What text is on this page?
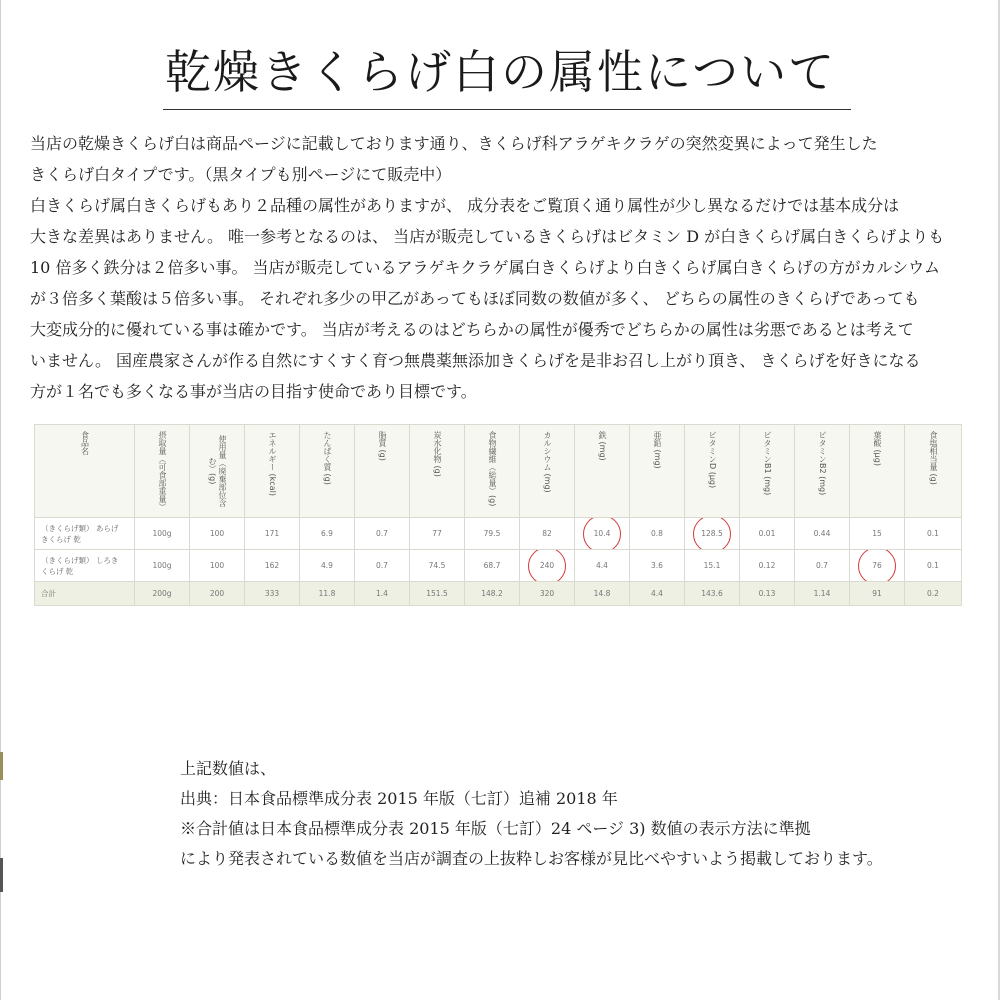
乾燥きくらげ白の属性について
当店の乾燥きくらげ白は商品ページに記載しております通り、きくらげ科アラゲキクラゲの突然変異によって発生した
きくらげ白タイプです。（黒タイプも別ページにて販売中）
白きくらげ属白きくらげもあり２品種の属性がありますが、 成分表をご覧頂く通り属性が少し異なるだけでは基本成分は
大きな差異はありません。 唯一参考となるのは、 当店が販売しているきくらげはビタミン D が白きくらげ属白きくらげよりも
10 倍多く鉄分は２倍多い事。 当店が販売しているアラゲキクラゲ属白きくらげより白きくらげ属白きくらげの方がカルシウム
が３倍多く葉酸は５倍多い事。 それぞれ多少の甲乙があってもほぼ同数の数値が多く、 どちらの属性のきくらげであっても
大変成分的に優れている事は確かです。 当店が考えるのはどちらかの属性が優秀でどちらかの属性は劣悪であるとは考えて
いません。 国産農家さんが作る自然にすくすく育つ無農薬無添加きくらげを是非お召し上がり頂き、 きくらげを好きになる
方が１名でも多くなる事が当店の目指す使命であり目標です。
食品名	摂取量（可食部重量）	使用量（廃棄部位含む）(g)	エネルギー (kcal)	たんぱく質 (g)	脂質 (g)	炭水化物 (g)	食物繊維（総量）(g)	カルシウム (mg)	鉄 (mg)	亜鉛 (mg)	ビタミンD (μg)	ビタミンB1 (mg)	ビタミンB2 (mg)	葉酸 (μg)	食塩相当量 (g)

（きくらげ類） あらげ
きくらげ 乾	100g	100	171	6.9	0.7	77	79.5	82	10.4	0.8	128.5	0.01	0.44	15	0.1

（きくらげ類） しろき
くらげ 乾	100g	100	162	4.9	0.7	74.5	68.7	240	4.4	3.6	15.1	0.12	0.7	76	0.1
合計	200g	200	333	11.8	1.4	151.5	148.2	320	14.8	4.4	143.6	0.13	1.14	91	0.2
上記数値は、
出典：日本食品標準成分表 2015 年版（七訂）追補 2018 年
※合計値は日本食品標準成分表 2015 年版（七訂）24 ページ 3) 数値の表示方法に準拠
により発表されている数値を当店が調査の上抜粋しお客様が見比べやすいよう掲載しております。
